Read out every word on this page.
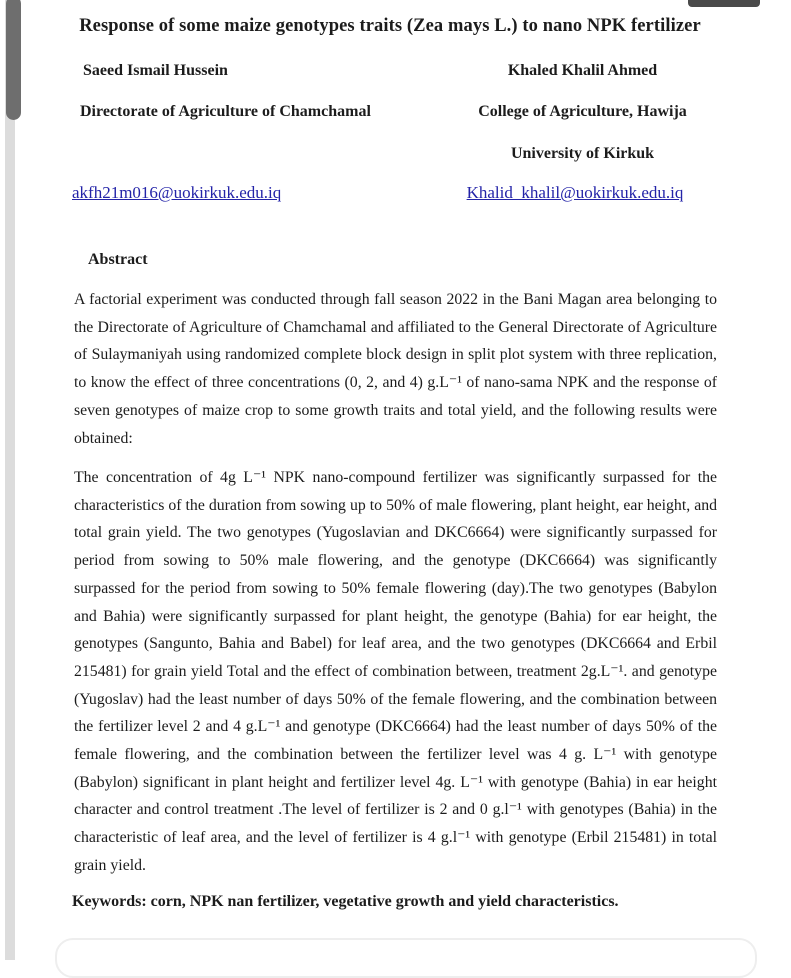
Response of some maize genotypes traits (Zea mays L.) to nano NPK fertilizer
Saeed Ismail Hussein	Khaled Khalil Ahmed
Directorate of Agriculture of Chamchamal	College of Agriculture, Hawija
University of Kirkuk
akfh21m016@uokirkuk.edu.iq	Khalid_khalil@uokirkuk.edu.iq
Abstract

A factorial experiment was conducted through fall season 2022 in the Bani Magan area belonging to the Directorate of Agriculture of Chamchamal and affiliated to the General Directorate of Agriculture of Sulaymaniyah using randomized complete block design in split plot system with three replication, to know the effect of three concentrations (0, 2, and 4) g.L⁻¹ of nano-sama NPK and the response of seven genotypes of maize crop to some growth traits and total yield, and the following results were obtained:

The concentration of 4g L⁻¹ NPK nano-compound fertilizer was significantly surpassed for the characteristics of the duration from sowing up to 50% of male flowering, plant height, ear height, and total grain yield. The two genotypes (Yugoslavian and DKC6664) were significantly surpassed for period from sowing to 50% male flowering, and the genotype (DKC6664) was significantly surpassed for the period from sowing to 50% female flowering (day).The two genotypes (Babylon and Bahia) were significantly surpassed for plant height, the genotype (Bahia) for ear height, the genotypes (Sangunto, Bahia and Babel) for leaf area, and the two genotypes (DKC6664 and Erbil 215481) for grain yield Total and the effect of combination between, treatment 2g.L⁻¹. and genotype (Yugoslav) had the least number of days 50% of the female flowering, and the combination between the fertilizer level 2 and 4 g.L⁻¹ and genotype (DKC6664) had the least number of days 50% of the female flowering, and the combination between the fertilizer level was 4 g. L⁻¹ with genotype (Babylon) significant in plant height and fertilizer level 4g. L⁻¹ with genotype (Bahia) in ear height character and control treatment .The level of fertilizer is 2 and 0 g.l⁻¹ with genotypes (Bahia) in the characteristic of leaf area, and the level of fertilizer is 4 g.l⁻¹ with genotype (Erbil 215481) in total grain yield.

Keywords: corn, NPK nan fertilizer, vegetative growth and yield characteristics.
